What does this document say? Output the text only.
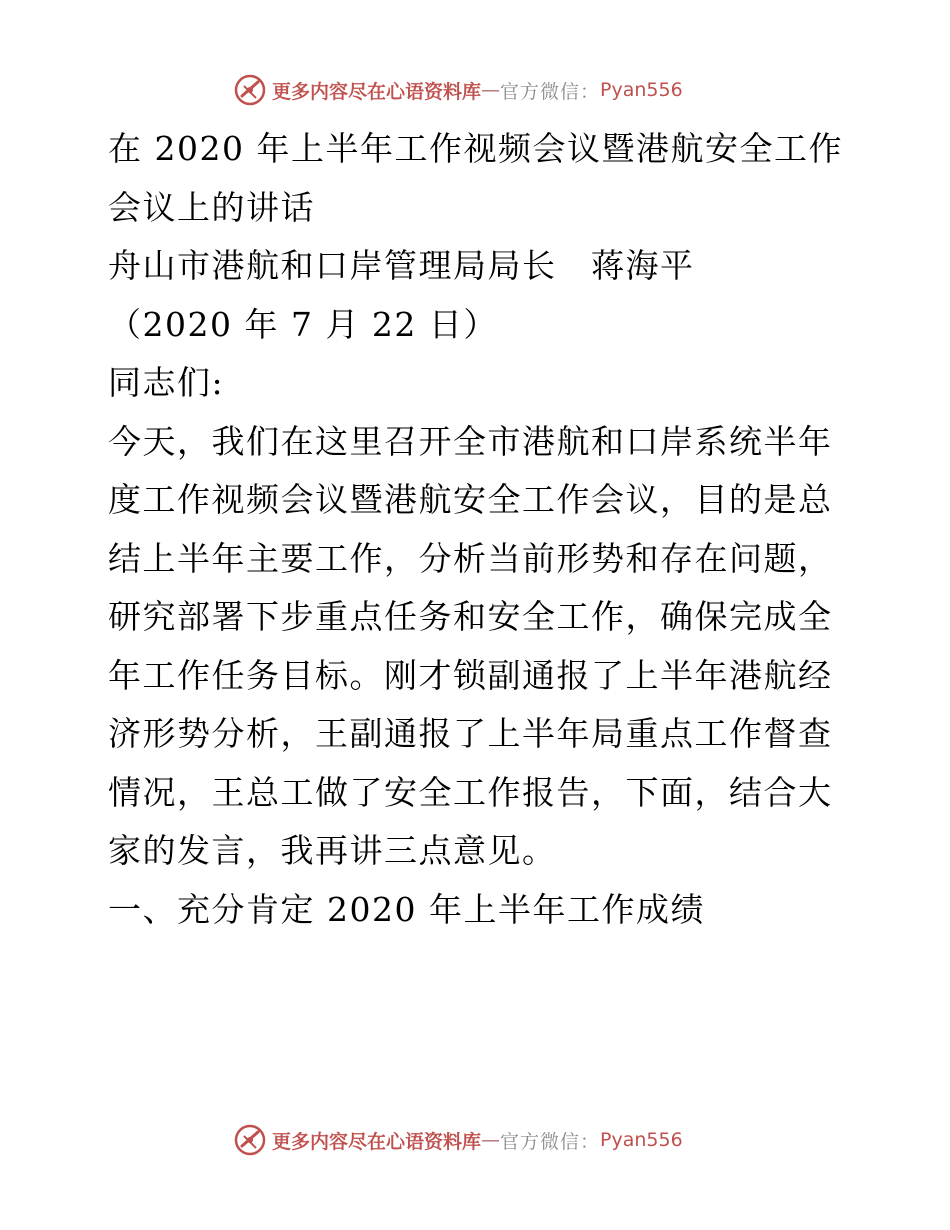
更多内容尽在心语资料库 — 官方微信： Pyan556

在 2020 年上半年工作视频会议暨港航安全工作会议上的讲话

舟山市港航和口岸管理局局长　蒋海平

（2020 年 7 月 22 日）

同志们:

今天，我们在这里召开全市港航和口岸系统半年度工作视频会议暨港航安全工作会议，目的是总结上半年主要工作，分析当前形势和存在问题，研究部署下步重点任务和安全工作，确保完成全年工作任务目标。刚才锁副通报了上半年港航经济形势分析，王副通报了上半年局重点工作督查情况，王总工做了安全工作报告，下面，结合大家的发言，我再讲三点意见。

一、充分肯定 2020 年上半年工作成绩

更多内容尽在心语资料库 — 官方微信： Pyan556
